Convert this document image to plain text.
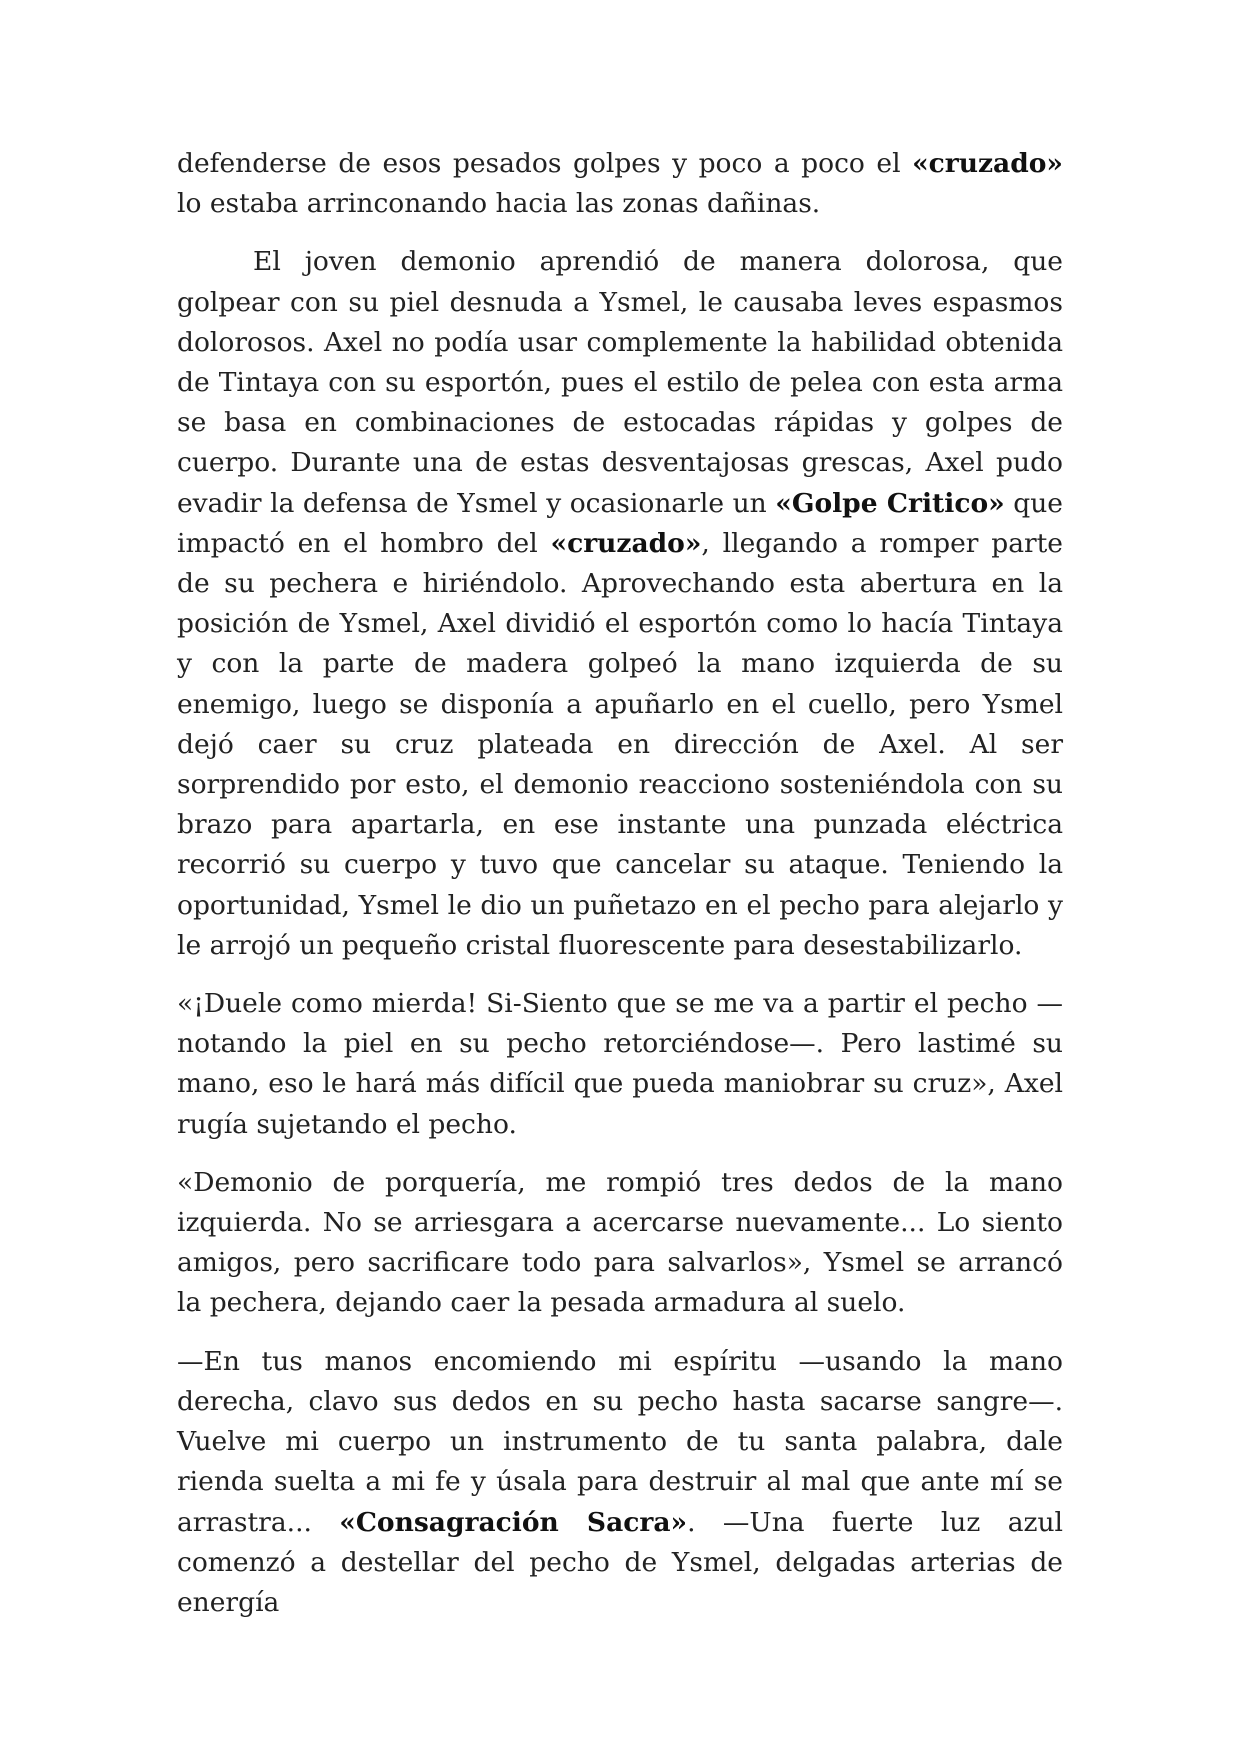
defenderse de esos pesados golpes y poco a poco el «cruzado» lo estaba arrinconando hacia las zonas dañinas.

El joven demonio aprendió de manera dolorosa, que golpear con su piel desnuda a Ysmel, le causaba leves espasmos dolorosos. Axel no podía usar complemente la habilidad obtenida de Tintaya con su esportón, pues el estilo de pelea con esta arma se basa en combinaciones de estocadas rápidas y golpes de cuerpo. Durante una de estas desventajosas grescas, Axel pudo evadir la defensa de Ysmel y ocasionarle un «Golpe Critico» que impactó en el hombro del «cruzado», llegando a romper parte de su pechera e hiriéndolo. Aprovechando esta abertura en la posición de Ysmel, Axel dividió el esportón como lo hacía Tintaya y con la parte de madera golpeó la mano izquierda de su enemigo, luego se disponía a apuñarlo en el cuello, pero Ysmel dejó caer su cruz plateada en dirección de Axel. Al ser sorprendido por esto, el demonio reacciono sosteniéndola con su brazo para apartarla, en ese instante una punzada eléctrica recorrió su cuerpo y tuvo que cancelar su ataque. Teniendo la oportunidad, Ysmel le dio un puñetazo en el pecho para alejarlo y le arrojó un pequeño cristal fluorescente para desestabilizarlo.

«¡Duele como mierda! Si-Siento que se me va a partir el pecho —notando la piel en su pecho retorciéndose—. Pero lastimé su mano, eso le hará más difícil que pueda maniobrar su cruz», Axel rugía sujetando el pecho.

«Demonio de porquería, me rompió tres dedos de la mano izquierda. No se arriesgara a acercarse nuevamente... Lo siento amigos, pero sacrificare todo para salvarlos», Ysmel se arrancó la pechera, dejando caer la pesada armadura al suelo.

—En tus manos encomiendo mi espíritu —usando la mano derecha, clavo sus dedos en su pecho hasta sacarse sangre—. Vuelve mi cuerpo un instrumento de tu santa palabra, dale rienda suelta a mi fe y úsala para destruir al mal que ante mí se arrastra... «Consagración Sacra». —Una fuerte luz azul comenzó a destellar del pecho de Ysmel, delgadas arterias de energía
